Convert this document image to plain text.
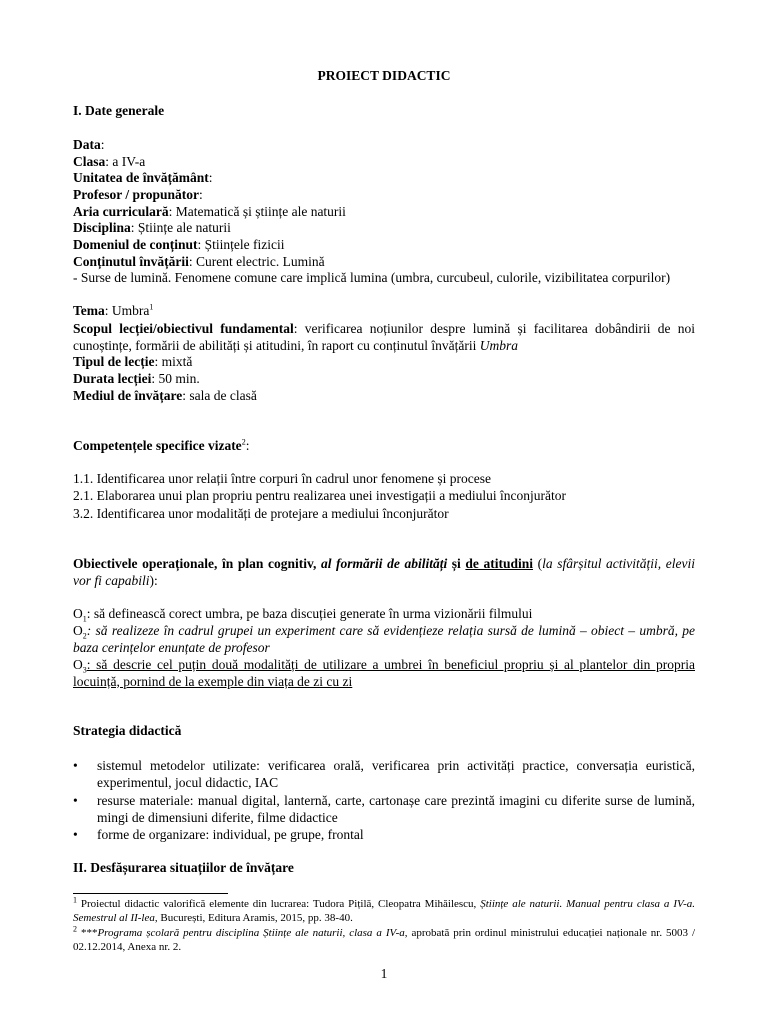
PROIECT DIDACTIC
I. Date generale
Data:
Clasa: a IV-a
Unitatea de învățământ:
Profesor / propunător:
Aria curriculară: Matematică și științe ale naturii
Disciplina: Științe ale naturii
Domeniul de conținut: Științele fizicii
Conținutul învățării: Curent electric. Lumină
- Surse de lumină. Fenomene comune care implică lumina (umbra, curcubeul, culorile, vizibilitatea corpurilor)
Tema: Umbra$^1$
Scopul lecției/obiectivul fundamental: verificarea noțiunilor despre lumină și facilitarea dobândirii de noi cunoștințe, formării de abilități și atitudini, în raport cu conținutul învățării Umbra
Tipul de lecție: mixtă
Durata lecției: 50 min.
Mediul de învățare: sala de clasă
Competențele specifice vizate$^2$:
1.1. Identificarea unor relații între corpuri în cadrul unor fenomene și procese
2.1. Elaborarea unui plan propriu pentru realizarea unei investigații a mediului înconjurător
3.2. Identificarea unor modalități de protejare a mediului înconjurător
Obiectivele operaționale, în plan cognitiv, al formării de abilități și de atitudini (la sfârșitul activității, elevii vor fi capabili):
$O_1$: să definească corect umbra, pe baza discuției generate în urma vizionării filmului
$O_2$: să realizeze în cadrul grupei un experiment care să evidențieze relația sursă de lumină – obiect – umbră, pe baza cerințelor enunțate de profesor
$O_3$: să descrie cel puțin două modalități de utilizare a umbrei în beneficiul propriu și al plantelor din propria locuință, pornind de la exemple din viața de zi cu zi
Strategia didactică
•	sistemul metodelor utilizate: verificarea orală, verificarea prin activități practice, conversația euristică, experimentul, jocul didactic, IAC
•	resurse materiale: manual digital, lanternă, carte, cartonașe care prezintă imagini cu diferite surse de lumină, mingi de dimensiuni diferite, filme didactice
•	forme de organizare: individual, pe grupe, frontal
II. Desfășurarea situațiilor de învățare
$^1$ Proiectul didactic valorifică elemente din lucrarea: Tudora Pițilă, Cleopatra Mihăilescu, Științe ale naturii. Manual pentru clasa a IV-a. Semestrul al II-lea, București, Editura Aramis, 2015, pp. 38-40.
$^2$ ***Programa școlară pentru disciplina Științe ale naturii, clasa a IV-a, aprobată prin ordinul ministrului educației naționale nr. 5003 / 02.12.2014, Anexa nr. 2.
1
